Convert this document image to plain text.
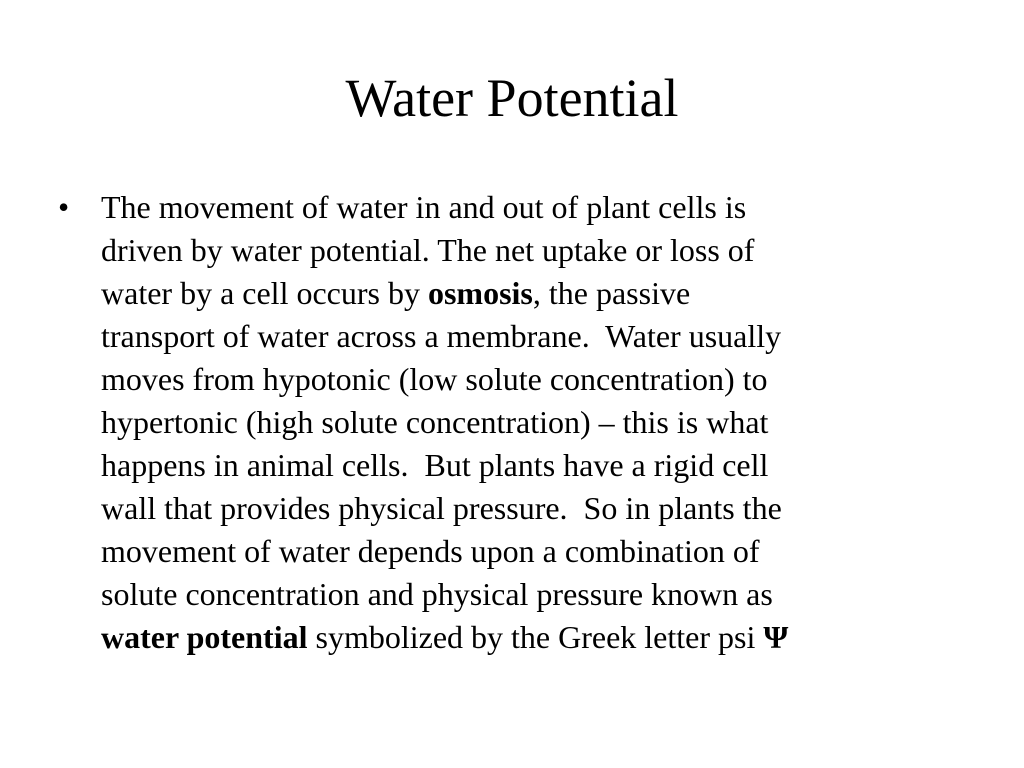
Water Potential
• The movement of water in and out of plant cells is
driven by water potential. The net uptake or loss of
water by a cell occurs by osmosis, the passive
transport of water across a membrane.  Water usually
moves from hypotonic (low solute concentration) to
hypertonic (high solute concentration) – this is what
happens in animal cells.  But plants have a rigid cell
wall that provides physical pressure.  So in plants the
movement of water depends upon a combination of
solute concentration and physical pressure known as
water potential symbolized by the Greek letter psi Ψ
